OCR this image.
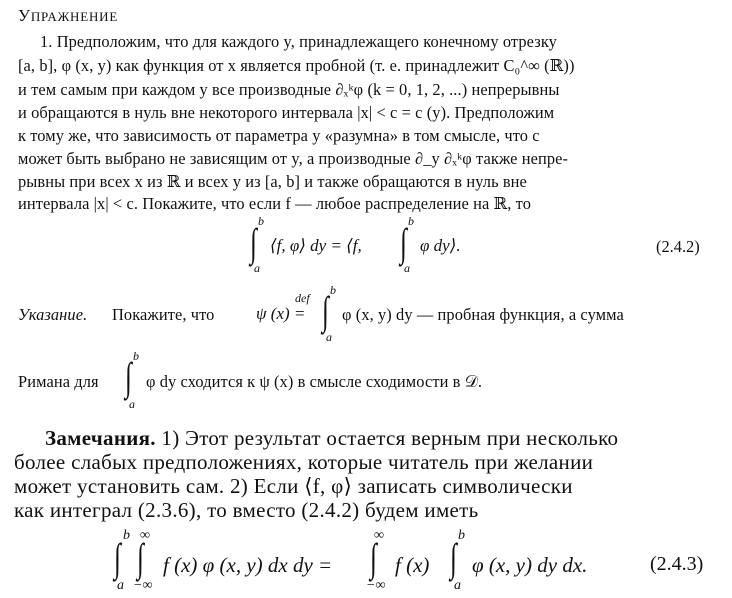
УПРАЖНЕНИЕ
1. Предположим, что для каждого y, принадлежащего конечному отрезку
[a, b], φ (x, y) как функция от x является пробной (т. е. принадлежит C₀^∞ (ℝ))
и тем самым при каждом y все производные ∂ₓᵏφ (k = 0, 1, 2, ...) непрерывны
и обращаются в нуль вне некоторого интервала |x| < c = c (y). Предположим
к тому же, что зависимость от параметра y «разумна» в том смысле, что c
может быть выбрано не зависящим от y, а производные ∂_y ∂ₓᵏφ также непре-
рывны при всех x из ℝ и всех y из [a, b] и также обращаются в нуль вне
интервала |x| < c. Покажите, что если f — любое распределение на ℝ, то
b
∫
a
⟨f, φ⟩ dy = ⟨f,
b
∫
a
φ dy⟩.	(2.4.2)
Указание. Покажите, что ψ (x) =
def
b
∫
a
φ (x, y) dy — пробная функция, а сумма
Римана для
b
∫
a
φ dy сходится к ψ (x) в смысле сходимости в 𝒟.
Замечания. 1) Этот результат остается верным при несколько
более слабых предположениях, которые читатель при желании
может установить сам. 2) Если ⟨f, φ⟩ записать символически
как интеграл (2.3.6), то вместо (2.4.2) будем иметь
b
∫
a
∞
∫
−∞
f (x) φ (x, y) dx dy =
∞
∫
−∞
f (x)
b
∫
a
φ (x, y) dy dx.	(2.4.3)
